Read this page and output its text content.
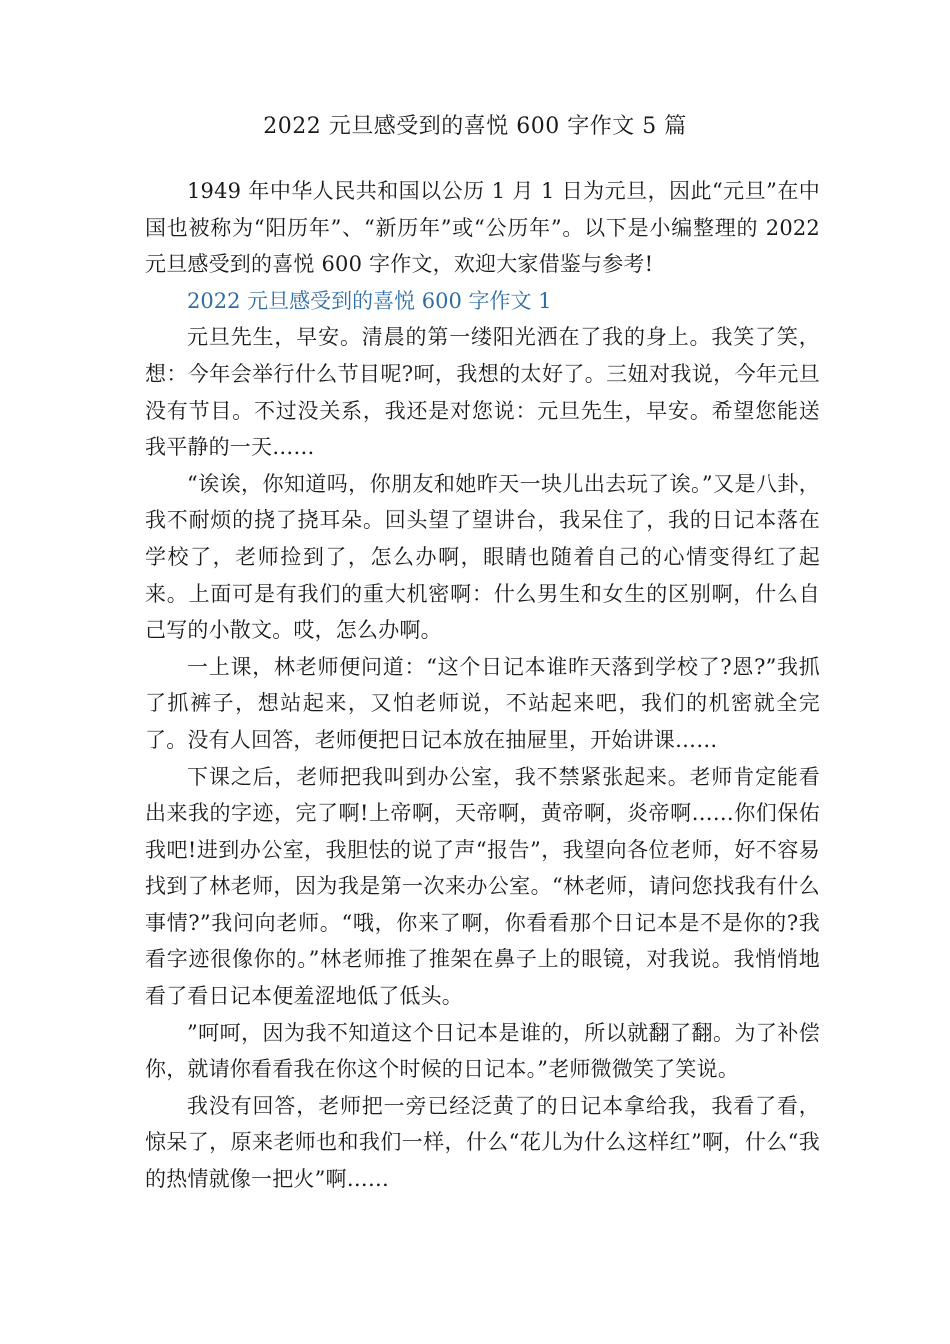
2022 元旦感受到的喜悦 600 字作文 5 篇

1949 年中华人民共和国以公历 1 月 1 日为元旦，因此“元旦”在中国也被称为“阳历年”、“新历年”或“公历年”。以下是小编整理的 2022 元旦感受到的喜悦 600 字作文，欢迎大家借鉴与参考!

2022 元旦感受到的喜悦 600 字作文 1

元旦先生，早安。清晨的第一缕阳光洒在了我的身上。我笑了笑，想：今年会举行什么节目呢?呵，我想的太好了。三妞对我说，今年元旦没有节目。不过没关系，我还是对您说：元旦先生，早安。希望您能送我平静的一天……

“诶诶，你知道吗，你朋友和她昨天一块儿出去玩了诶。”又是八卦，我不耐烦的挠了挠耳朵。回头望了望讲台，我呆住了，我的日记本落在学校了，老师捡到了，怎么办啊，眼睛也随着自己的心情变得红了起来。上面可是有我们的重大机密啊：什么男生和女生的区别啊，什么自己写的小散文。哎，怎么办啊。

一上课，林老师便问道：“这个日记本谁昨天落到学校了?恩?”我抓了抓裤子，想站起来，又怕老师说，不站起来吧，我们的机密就全完了。没有人回答，老师便把日记本放在抽屉里，开始讲课……

下课之后，老师把我叫到办公室，我不禁紧张起来。老师肯定能看出来我的字迹，完了啊!上帝啊，天帝啊，黄帝啊，炎帝啊……你们保佑我吧!进到办公室，我胆怯的说了声“报告”，我望向各位老师，好不容易找到了林老师，因为我是第一次来办公室。“林老师，请问您找我有什么事情?”我问向老师。“哦，你来了啊，你看看那个日记本是不是你的?我看字迹很像你的。”林老师推了推架在鼻子上的眼镜，对我说。我悄悄地看了看日记本便羞涩地低了低头。

”呵呵，因为我不知道这个日记本是谁的，所以就翻了翻。为了补偿你，就请你看看我在你这个时候的日记本。”老师微微笑了笑说。

我没有回答，老师把一旁已经泛黄了的日记本拿给我，我看了看，惊呆了，原来老师也和我们一样，什么“花儿为什么这样红”啊，什么“我的热情就像一把火”啊……
